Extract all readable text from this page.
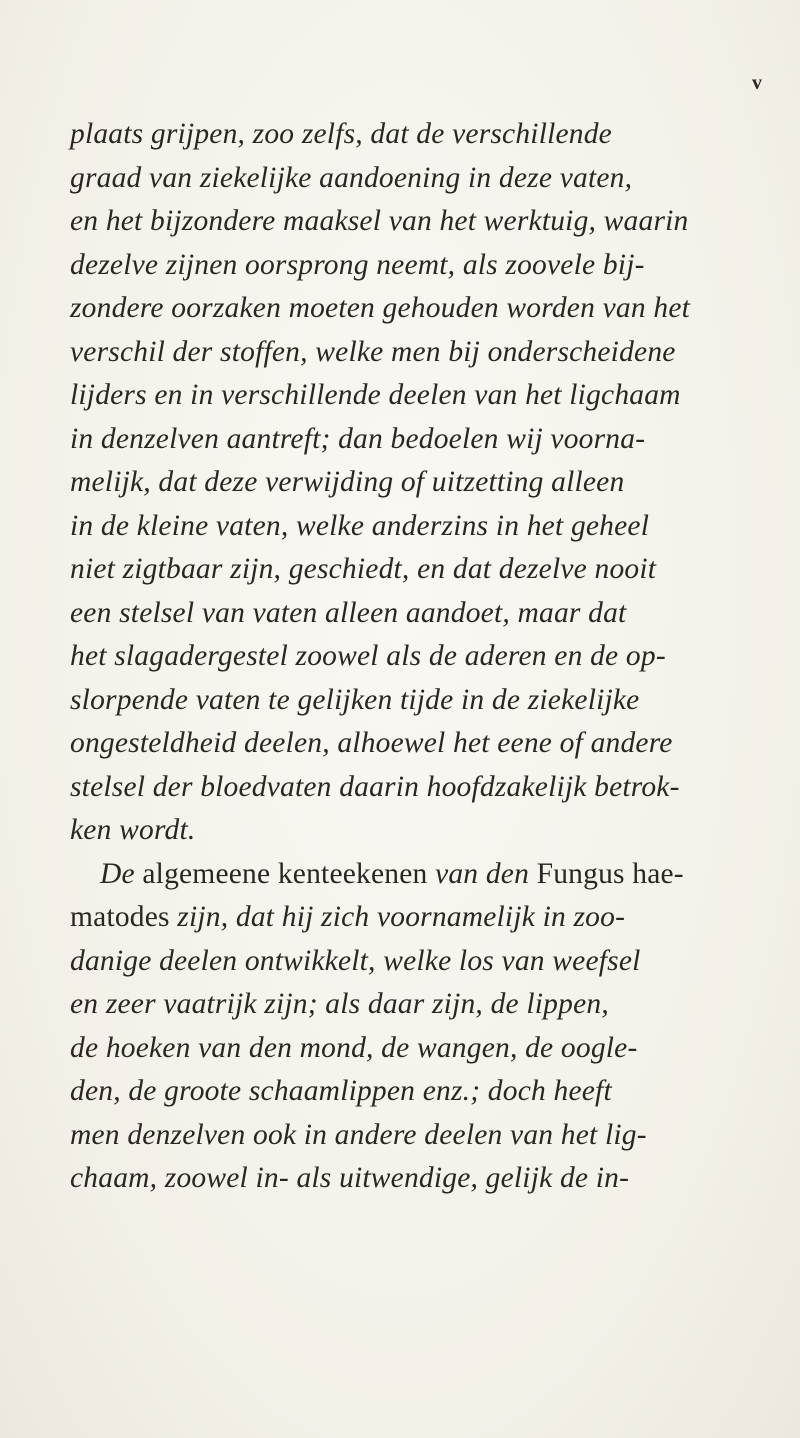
v
plaats grijpen, zoo zelfs, dat de verschillende
graad van ziekelijke aandoening in deze vaten,
en het bijzondere maaksel van het werktuig, waarin
dezelve zijnen oorsprong neemt, als zoovele bij-
zondere oorzaken moeten gehouden worden van het
verschil der stoffen, welke men bij onderscheidene
lijders en in verschillende deelen van het ligchaam
in denzelven aantreft; dan bedoelen wij voorna-
melijk, dat deze verwijding of uitzetting alleen
in de kleine vaten, welke anderzins in het geheel
niet zigtbaar zijn, geschiedt, en dat dezelve nooit
een stelsel van vaten alleen aandoet, maar dat
het slagadergestel zoowel als de aderen en de op-
slorpende vaten te gelijken tijde in de ziekelijke
ongesteldheid deelen, alhoewel het eene of andere
stelsel der bloedvaten daarin hoofdzakelijk betrok-
ken wordt.
De algemeene kenteekenen van den Fungus hae-
matodes zijn, dat hij zich voornamelijk in zoo-
danige deelen ontwikkelt, welke los van weefsel
en zeer vaatrijk zijn; als daar zijn, de lippen,
de hoeken van den mond, de wangen, de oogle-
den, de groote schaamlippen enz.; doch heeft
men denzelven ook in andere deelen van het lig-
chaam, zoowel in- als uitwendige, gelijk de in-
